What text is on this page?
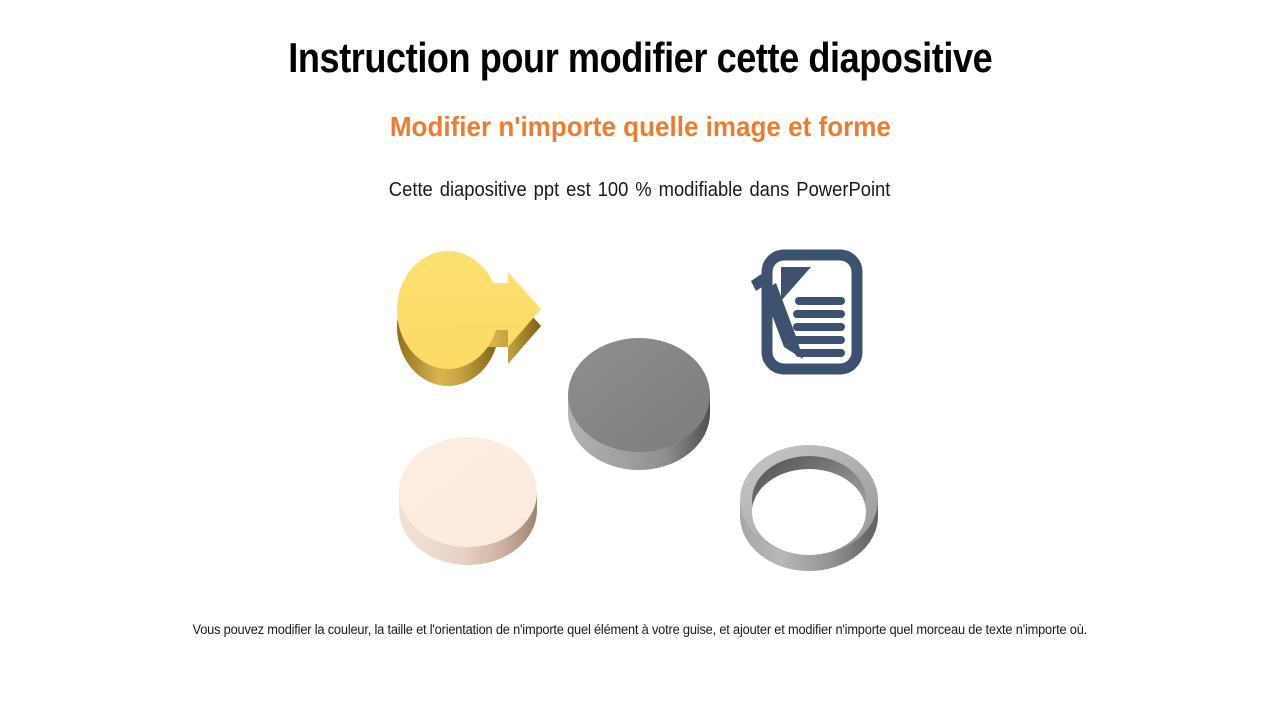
Instruction pour modifier cette diapositive
Modifier n'importe quelle image et forme
Cette diapositive ppt est 100 % modifiable dans PowerPoint
Vous pouvez modifier la couleur, la taille et l'orientation de n'importe quel élément à votre guise, et ajouter et modifier n'importe quel morceau de texte n'importe où.
